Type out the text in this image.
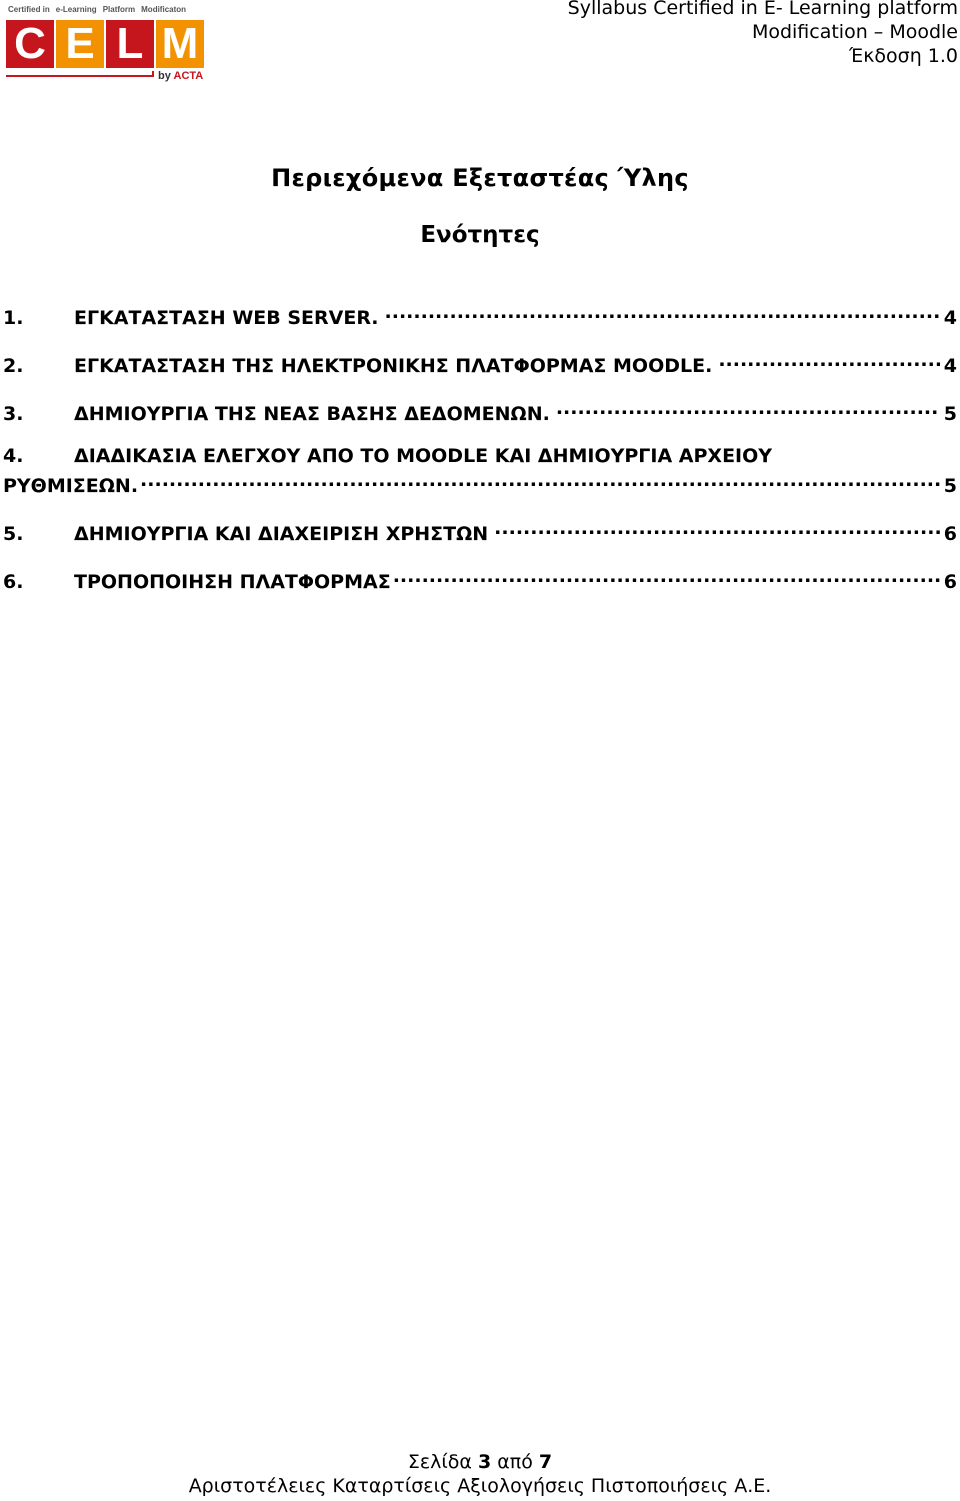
Certified in e-Learning Platform Modificaton
C E L M
by ACTA
Syllabus Certified in E- Learning platform
Modification – Moodle
Έκδοση 1.0
Περιεχόμενα Εξεταστέας Ύλης
Ενότητες
1.	ΕΓΚΑΤΑΣΤΑΣΗ WEB SERVER. .....	4
2.	ΕΓΚΑΤΑΣΤΑΣΗ ΤΗΣ ΗΛΕΚΤΡΟΝΙΚΗΣ ΠΛΑΤΦΟΡΜΑΣ MOODLE. .....	4
3.	ΔΗΜΙΟΥΡΓΙΑ ΤΗΣ ΝΕΑΣ ΒΑΣΗΣ ΔΕΔΟΜΕΝΩΝ. .....	5
4.	ΔΙΑΔΙΚΑΣΙΑ ΕΛΕΓΧΟΥ ΑΠΟ ΤΟ MOODLE ΚΑΙ ΔΗΜΙΟΥΡΓΙΑ ΑΡΧΕΙΟΥ
ΡΥΘΜΙΣΕΩΝ. .....	5
5.	ΔΗΜΙΟΥΡΓΙΑ ΚΑΙ ΔΙΑΧΕΙΡΙΣΗ ΧΡΗΣΤΩΝ .....	6
6.	ΤΡΟΠΟΠΟΙΗΣΗ ΠΛΑΤΦΟΡΜΑΣ .....	6
Σελίδα 3 από 7
Αριστοτέλειες Καταρτίσεις Αξιολογήσεις Πιστοποιήσεις Α.Ε.
